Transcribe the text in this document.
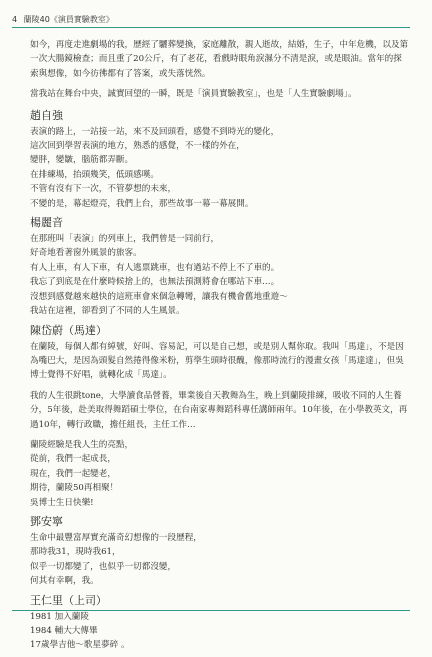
4 蘭陵40《演員實驗教室》

如今，再度走進劇場的我，歷經了驪葬變換，家庭離散，親人逝故，結婚，生子，中年危機，以及第一次大腸鏡檢查；而且重了20公斤，有了老花，看戲時眼角淚濕分不清是淚，或是眼油。當年的探索與想像，如今彷彿都有了答案，或失落恍然。

當我站在舞台中央，誠實回望的一瞬，既是「演員實驗教室」，也是「人生實驗劇場」。

趙自強
表演的路上，一站接一站，來不及回頭看，感覺不到時光的變化，
這次回到學習表演的地方，熟悉的感覺，不一樣的外在，
變胖，變皺，腦筋都弄斷。
在排練場，抬頭幾笑，低頭感嘆。
不管有沒有下一次，不管夢想的未來，
不變的是，幕起燈亮，我們上台，那些故事一幕一幕展開。
楊麗音
在那班叫「表演」的列車上，我們曾是一同前行，
好奇地看著窗外風景的旅客。
有人上車，有人下車，有人逃票跳車，也有過站不停上不了車的。
我忘了到底是在什麼時候捨上的，也無法預測將會在哪站下車…。
沒想到感覺越來越快的這班車會來個急轉彎，讓我有機會舊地重遊～
我站在這裡，卻看到了不同的人生風景。
陳岱蔚（馬達）

在蘭陵，每個人都有綽號，好叫、容易記，可以是自己想，或是別人幫你取。我叫「馬達」，不是因為嘴巴大，是因為頭髮自然捲得像米粉，剪學生頭時很醜，像那時流行的漫畫女孩「馬達達」，但吳博士覺得不好唱，就轉化成「馬達」。

我的人生很跳tone，大學讀食品營養，畢業後自天教舞為生，晚上到蘭陵排練，吸收不同的人生養分，5年後，赴美取得舞蹈碩士學位，在台南家專舞蹈科專任講師兩年。10年後，在小學教英文，再過10年，轉行政職，擔任組長，主任工作…

蘭陵經驗是我人生的亮點，
從前，我們一起成長，
現在，我們一起變老，
期待，蘭陵50再相聚！
吳博士生日快樂!
鄧安寧
生命中最豐富厚實充滿奇幻想像的一段歷程，
那時我31，現時我61，
似乎一切都變了，也似乎一切都沒變，
何其有幸啊，我。
王仁里（上司）
1981 加入蘭陵
1984 輔大大傳畢
17歲學吉他～歌星夢碎 。
